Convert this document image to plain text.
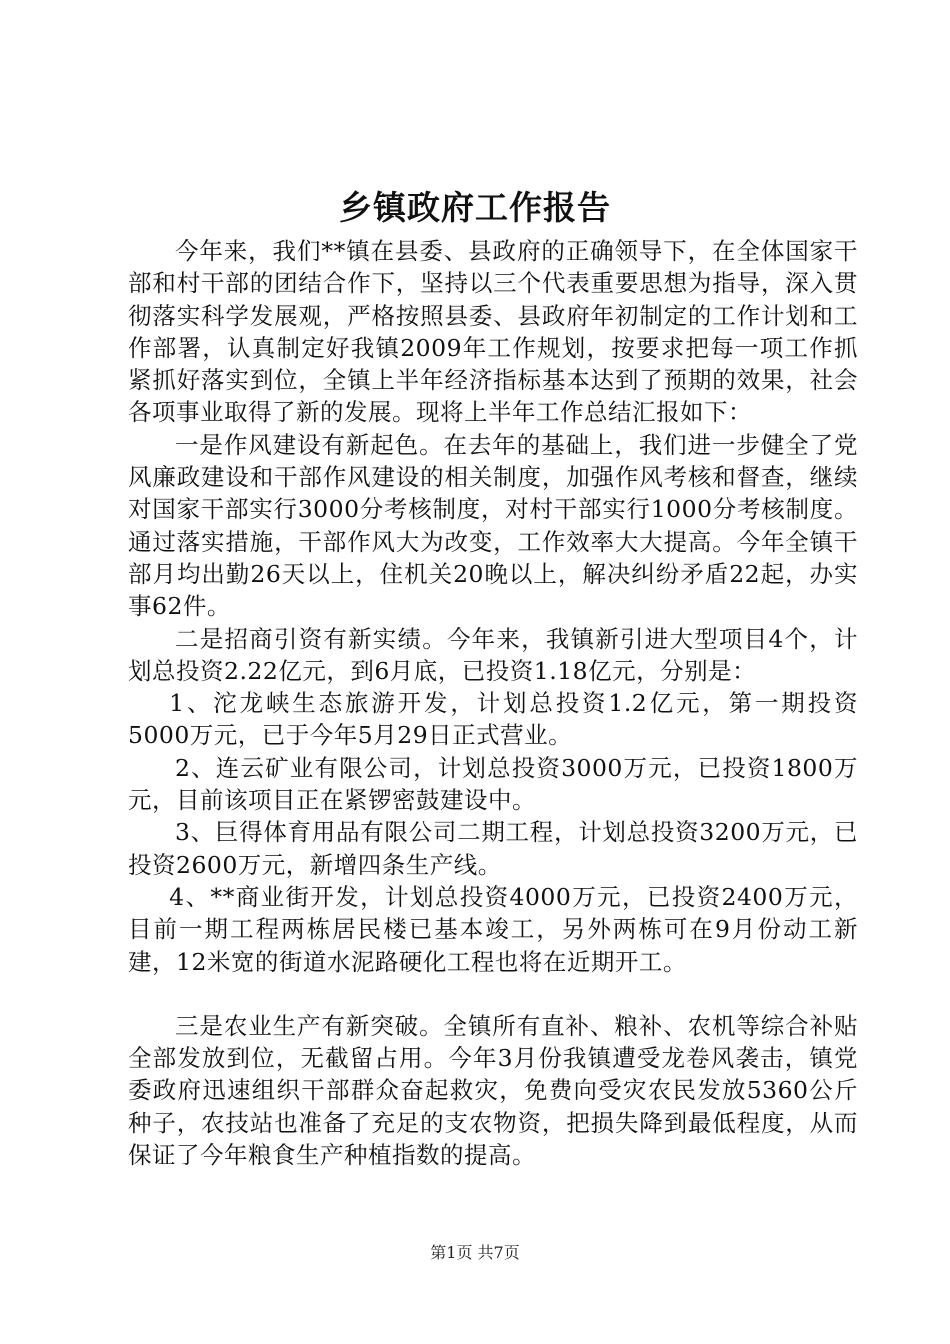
乡镇政府工作报告

今年来，我们**镇在县委、县政府的正确领导下，在全体国家干部和村干部的团结合作下，坚持以三个代表重要思想为指导，深入贯彻落实科学发展观，严格按照县委、县政府年初制定的工作计划和工作部署，认真制定好我镇2009年工作规划，按要求把每一项工作抓紧抓好落实到位，全镇上半年经济指标基本达到了预期的效果，社会各项事业取得了新的发展。现将上半年工作总结汇报如下：

一是作风建设有新起色。在去年的基础上，我们进一步健全了党风廉政建设和干部作风建设的相关制度，加强作风考核和督查，继续对国家干部实行3000分考核制度，对村干部实行1000分考核制度。通过落实措施，干部作风大为改变，工作效率大大提高。今年全镇干部月均出勤26天以上，住机关20晚以上，解决纠纷矛盾22起，办实事62件。

二是招商引资有新实绩。今年来，我镇新引进大型项目4个，计划总投资2.22亿元，到6月底，已投资1.18亿元，分别是：

1、沱龙峡生态旅游开发，计划总投资1.2亿元，第一期投资5000万元，已于今年5月29日正式营业。

2、连云矿业有限公司，计划总投资3000万元，已投资1800万元，目前该项目正在紧锣密鼓建设中。

3、巨得体育用品有限公司二期工程，计划总投资3200万元，已投资2600万元，新增四条生产线。

4、**商业街开发，计划总投资4000万元，已投资2400万元，目前一期工程两栋居民楼已基本竣工，另外两栋可在9月份动工新建，12米宽的街道水泥路硬化工程也将在近期开工。

三是农业生产有新突破。全镇所有直补、粮补、农机等综合补贴全部发放到位，无截留占用。今年3月份我镇遭受龙卷风袭击，镇党委政府迅速组织干部群众奋起救灾，免费向受灾农民发放5360公斤种子，农技站也准备了充足的支农物资，把损失降到最低程度，从而保证了今年粮食生产种植指数的提高。

第1页 共7页
